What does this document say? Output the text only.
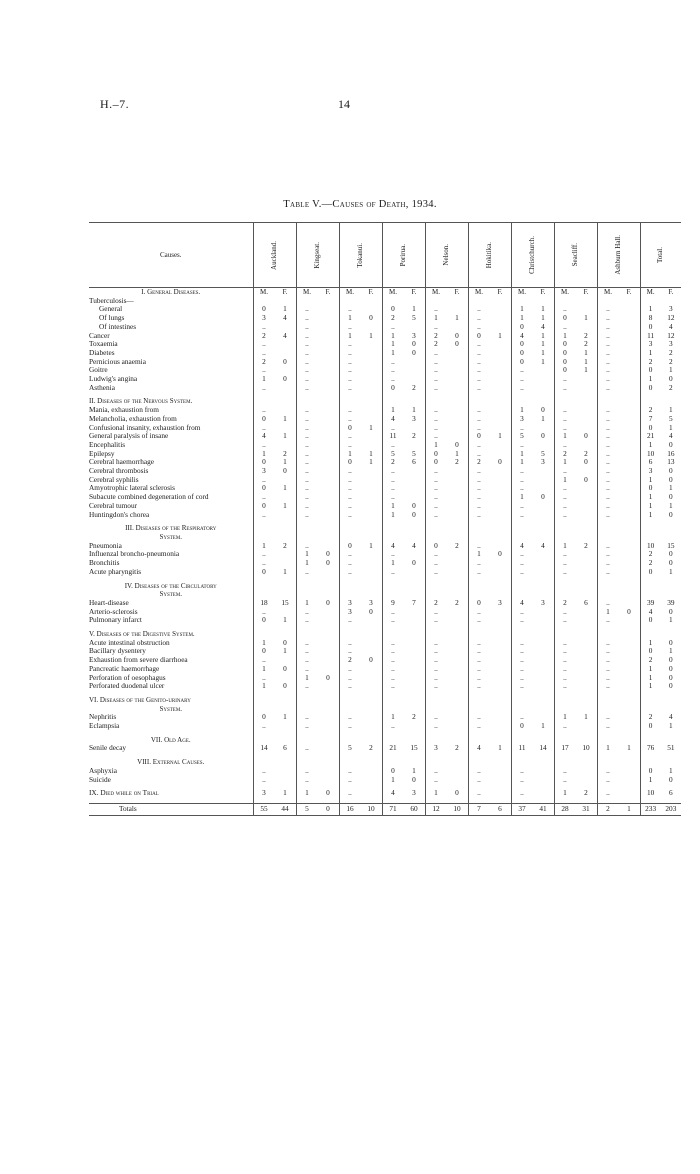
H.–7.	14
Table V.—Causes of Death, 1934.
Causes.	Auckland.	Kingseat.	Tokanui.	Porirua.	Nelson.	Hokitika.	Christchurch.	Seacliff.	Ashburn Hall.	Total.

I. General Diseases.	M. F.	M. F.	M. F.	M. F.	M. F.	M. F.	M. F.	M. F.	M. F.	M. F.

Tuberculosis—										
General	0 1	..	..	0 1	..	..	1 1	..	..	1 3

Of lungs	3 4	..	1 0	2 5	1 1	..	1 1	0 1	..	8 12

Of intestines	..	..	..	..	..	..	0 4	..	..	0 4

Cancer	2 4	..	1 1	1 3	2 0	0 1	4 1	1 2	..	11 12

Toxaemia	..	..	..	1 0	2 0	..	0 1	0 2	..	3 3

Diabetes	..	..	..	1 0	..	..	0 1	0 1	..	1 2

Pernicious anaemia	2 0	..	..	..	..	..	0 1	0 1	..	2 2

Goitre	..	..	..	..	..	..	..	0 1	..	0 1

Ludwig's angina	1 0	..	..	..	..	..	..	..	..	1 0

Asthenia	..	..	..	0 2	..	..	..	..	..	0 2

II. Diseases of the Nervous System.										
Mania, exhaustion from	..	..	..	1 1	..	..	1 0	..	..	2 1

Melancholia, exhaustion from	0 1	..	..	4 3	..	..	3 1	..	..	7 5

Confusional insanity, exhaustion from	..	..	0 1	..	..	..	..	..	..	0 1

General paralysis of insane	4 1	..	..	11 2	..	0 1	5 0	1 0	..	21 4

Encephalitis	..	..	..	..	1 0	..	..	..	..	1 0

Epilepsy	1 2	..	1 1	5 5	0 1	..	1 5	2 2	..	10 16

Cerebral haemorrhage	0 1	..	0 1	2 6	0 2	2 0	1 3	1 0	..	6 13

Cerebral thrombosis	3 0	..	..	..	..	..	..	..	..	3 0

Cerebral syphilis	..	..	..	..	..	..	..	1 0	..	1 0

Amyotrophic lateral sclerosis	0 1	..	..	..	..	..	..	..	..	0 1

Subacute combined degeneration of cord	..	..	..	..	..	..	1 0	..	..	1 0

Cerebral tumour	0 1	..	..	1 0	..	..	..	..	..	1 1

Huntingdon's chorea	..	..	..	1 0	..	..	..	..	..	1 0

III. Diseases of the Respiratory										
System.										
Pneumonia	1 2	..	0 1	4 4	0 2	..	4 4	1 2	..	10 15

Influenzal broncho-pneumonia	..	1 0	..	..	..	1 0	..	..	..	2 0

Bronchitis	..	1 0	..	1 0	..	..	..	..	..	2 0

Acute pharyngitis	0 1	..	..	..	..	..	..	..	..	0 1

IV. Diseases of the Circulatory										
System.										
Heart-disease	18 15	1 0	3 3	9 7	2 2	0 3	4 3	2 6	..	39 39

Arterio-sclerosis	..	..	3 0	..	..	..	..	..	1 0	4 0

Pulmonary infarct	0 1	..	..	..	..	..	..	..	..	0 1

V. Diseases of the Digestive System.										
Acute intestinal obstruction	1 0	..	..	..	..	..	..	..	..	1 0

Bacillary dysentery	0 1	..	..	..	..	..	..	..	..	0 1

Exhaustion from severe diarrhoea	..	..	2 0	..	..	..	..	..	..	2 0

Pancreatic haemorrhage	1 0	..	..	..	..	..	..	..	..	1 0

Perforation of oesophagus	..	1 0	..	..	..	..	..	..	..	1 0

Perforated duodenal ulcer	1 0	..	..	..	..	..	..	..	..	1 0

VI. Diseases of the Genito-urinary										
System.										
Nephritis	0 1	..	..	1 2	..	..	..	1 1	..	2 4

Eclampsia	..	..	..	..	..	..	0 1	..	..	0 1

VII. Old Age.										
Senile decay	14 6	..	5 2	21 15	3 2	4 1	11 14	17 10	1 1	76 51

VIII. External Causes.										
Asphyxia	..	..	..	0 1	..	..	..	..	..	0 1

Suicide	..	..	..	1 0	..	..	..	..	..	1 0

IX. Died while on Trial	3 1	1 0	..	4 3	1 0	..	..	1 2	..	10 6

Totals	55 44	5 0	16 10	71 60	12 10	7 6	37 41	28 31	2 1	233 203
